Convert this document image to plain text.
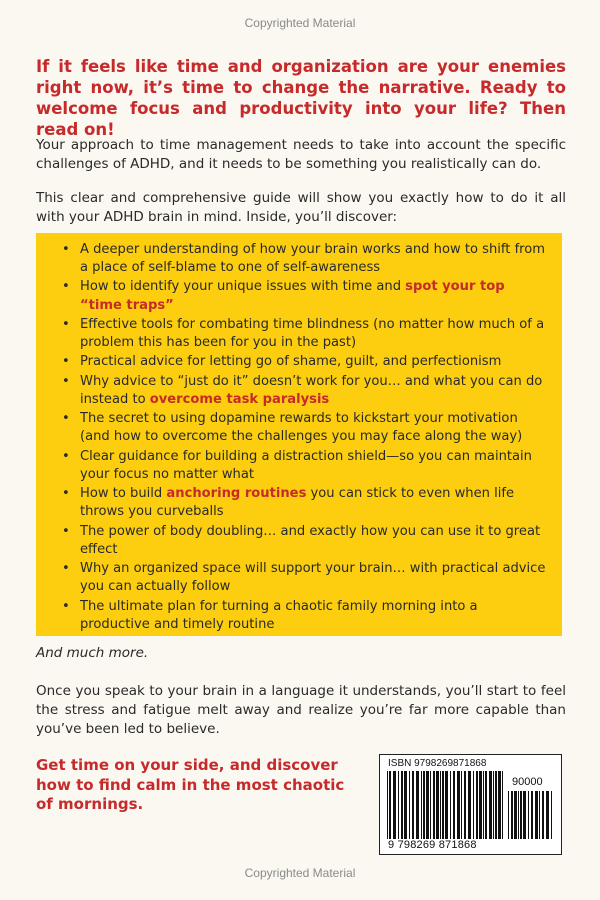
Copyrighted Material
If it feels like time and organization are your enemies right now, it’s time to change the narrative. Ready to welcome focus and productivity into your life? Then read on!
Your approach to time management needs to take into account the specific challenges of ADHD, and it needs to be something you realistically can do.
This clear and comprehensive guide will show you exactly how to do it all with your ADHD brain in mind. Inside, you’ll discover:
• A deeper understanding of how your brain works and how to shift from a place of self-blame to one of self-awareness
• How to identify your unique issues with time and spot your top “time traps”
• Effective tools for combating time blindness (no matter how much of a problem this has been for you in the past)
• Practical advice for letting go of shame, guilt, and perfectionism
• Why advice to “just do it” doesn’t work for you… and what you can do instead to overcome task paralysis
• The secret to using dopamine rewards to kickstart your motivation (and how to overcome the challenges you may face along the way)
• Clear guidance for building a distraction shield—so you can maintain your focus no matter what
• How to build anchoring routines you can stick to even when life throws you curveballs
• The power of body doubling… and exactly how you can use it to great effect
• Why an organized space will support your brain… with practical advice you can actually follow
• The ultimate plan for turning a chaotic family morning into a productive and timely routine
And much more.
Once you speak to your brain in a language it understands, you’ll start to feel the stress and fatigue melt away and realize you’re far more capable than you’ve been led to believe.
Get time on your side, and discover how to find calm in the most chaotic of mornings.
ISBN 9798269871868
90000
9 798269 871868
Copyrighted Material
